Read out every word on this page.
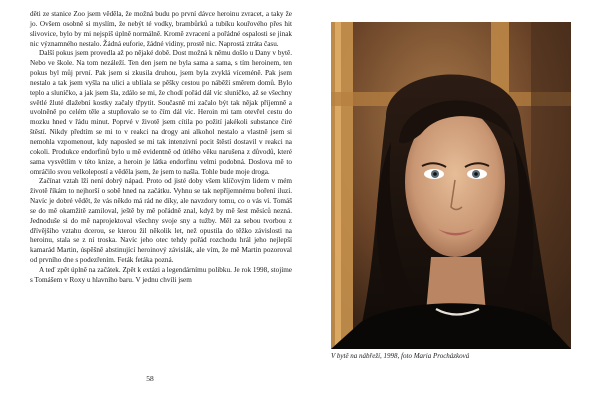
děti ze stanice Zoo jsem věděla, že možná budu po první dávce heroinu zvracet, a taky že jo. Ovšem osobně si myslím, že nebýt té vodky, brambůrků a tubíku kouřového přes hit slivovice, bylo by mi nejspíš úplně normálně. Kromě zvracení a pořádné ospalosti se jinak nic významného nestalo. Žádná euforie, žádné vidiny, prostě nic. Naprostá ztráta času.

Další pokus jsem provedla až po nějaké době. Dost možná k němu došlo u Dany v bytě. Nebo ve škole. Na tom nezáleží. Ten den jsem ne byla sama a sama, s tím heroinem, ten pokus byl můj první. Pak jsem si zkusila druhou, jsem byla zvyklá víceméně. Pak jsem nestalo a tak jsem vyšla na ulici a ublíala se pěšky cestou po náběží směrem domů. Bylo teplo a sluníčko, a jak jsem šla, zdálo se mi, že chodí pořád dál víc sluníčko, až se všechny světlé žluté dlažební kostky začaly třpytit. Současně mi začalo být tak nějak příjemně a uvolněně po celém těle a stupňovalo se to čím dál víc. Heroin mi tam otevřel cestu do mozku hned v řádu minut. Poprvé v životě jsem cítila po požití jakékoli substance čiré štěstí. Nikdy předtím se mi to v reakci na drogy ani alkohol nestalo a vlastně jsem si nemohla vzpomenout, kdy naposled se mi tak intenzivní pocit štěstí dostavil v reakci na cokoli. Produkce endorfinů bylo u mě evidentně od útlého věku narušena z důvodů, které sama vysvětlím v této knize, a heroin je látka endorfinu velmi podobná. Doslova mě to omráčilo svou velkolepostí a věděla jsem, že jsem to našla. Tohle bude moje droga.

Začínat vztah lží není dobrý nápad. Proto od jisté doby všem klíčovým lidem v mém životě říkám to nejhorší o sobě hned na začátku. Vyhnu se tak nepříjemnému boření iluzí. Navíc je dobré vědět, že vás někdo má rád ne díky, ale navzdory tomu, co o vás ví. Tomáš se do mě okamžitě zamiloval, ještě by mě pořádně znal, když by mě šest měsíců nezná. Jednoduše si do mě naprojektoval všechny svoje sny a tužby. Měl za sebou tvorbou z dřívějšího vztahu dcerou, se kterou žil několik let, než opustila do těžko závislosti na heroinu, stala se z ní troska. Navíc jeho otec tehdy pořád rozchodu hrál jeho nejlepší kamarád Martin, úspěšně abstinující heroinový závislák, ale vím, že mě Martin pozoroval od prvního dne s podezřením. Feták fetáka pozná.

A teď zpět úplně na začátek. Zpět k extázi a legendárnímu polibku. Je rok 1998, stojíme s Tomášem v Roxy u hlavního baru. V jednu chvíli jsem

58
V bytě na nábřeží, 1998, foto Maria Procházková
